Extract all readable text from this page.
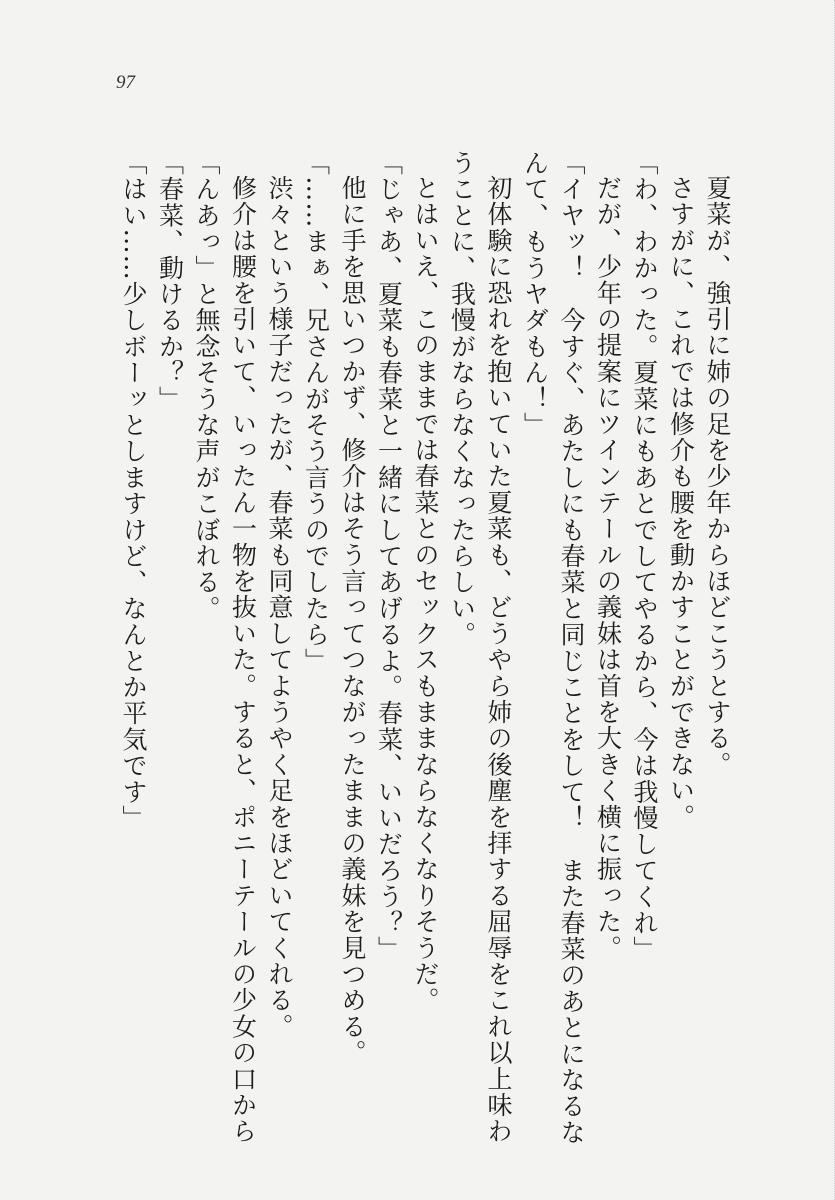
97

夏菜が、強引に姉の足を少年からほどこうとする。

さすがに、これでは修介も腰を動かすことができない。

「わ、わかった。夏菜にもあとでしてやるから、今は我慢してくれ」

だが、少年の提案にツインテールの義妹は首を大きく横に振った。

「イヤッ！　今すぐ、あたしにも春菜と同じことをして！　また春菜のあとになるな

んて、もうヤダもん！」

初体験に恐れを抱いていた夏菜も、どうやら姉の後塵を拝する屈辱をこれ以上味わ

うことに、我慢がならなくなったらしい。

とはいえ、このままでは春菜とのセックスもままならなくなりそうだ。

「じゃあ、夏菜も春菜と一緒にしてあげるよ。春菜、いいだろう？」

他に手を思いつかず、修介はそう言ってつながったままの義妹を見つめる。

「……まぁ、兄さんがそう言うのでしたら」

渋々という様子だったが、春菜も同意してようやく足をほどいてくれる。

修介は腰を引いて、いったん一物を抜いた。すると、ポニーテールの少女の口から

「んあっ」と無念そうな声がこぼれる。

「春菜、動けるか？」

「はい……少しボーッとしますけど、なんとか平気です」
